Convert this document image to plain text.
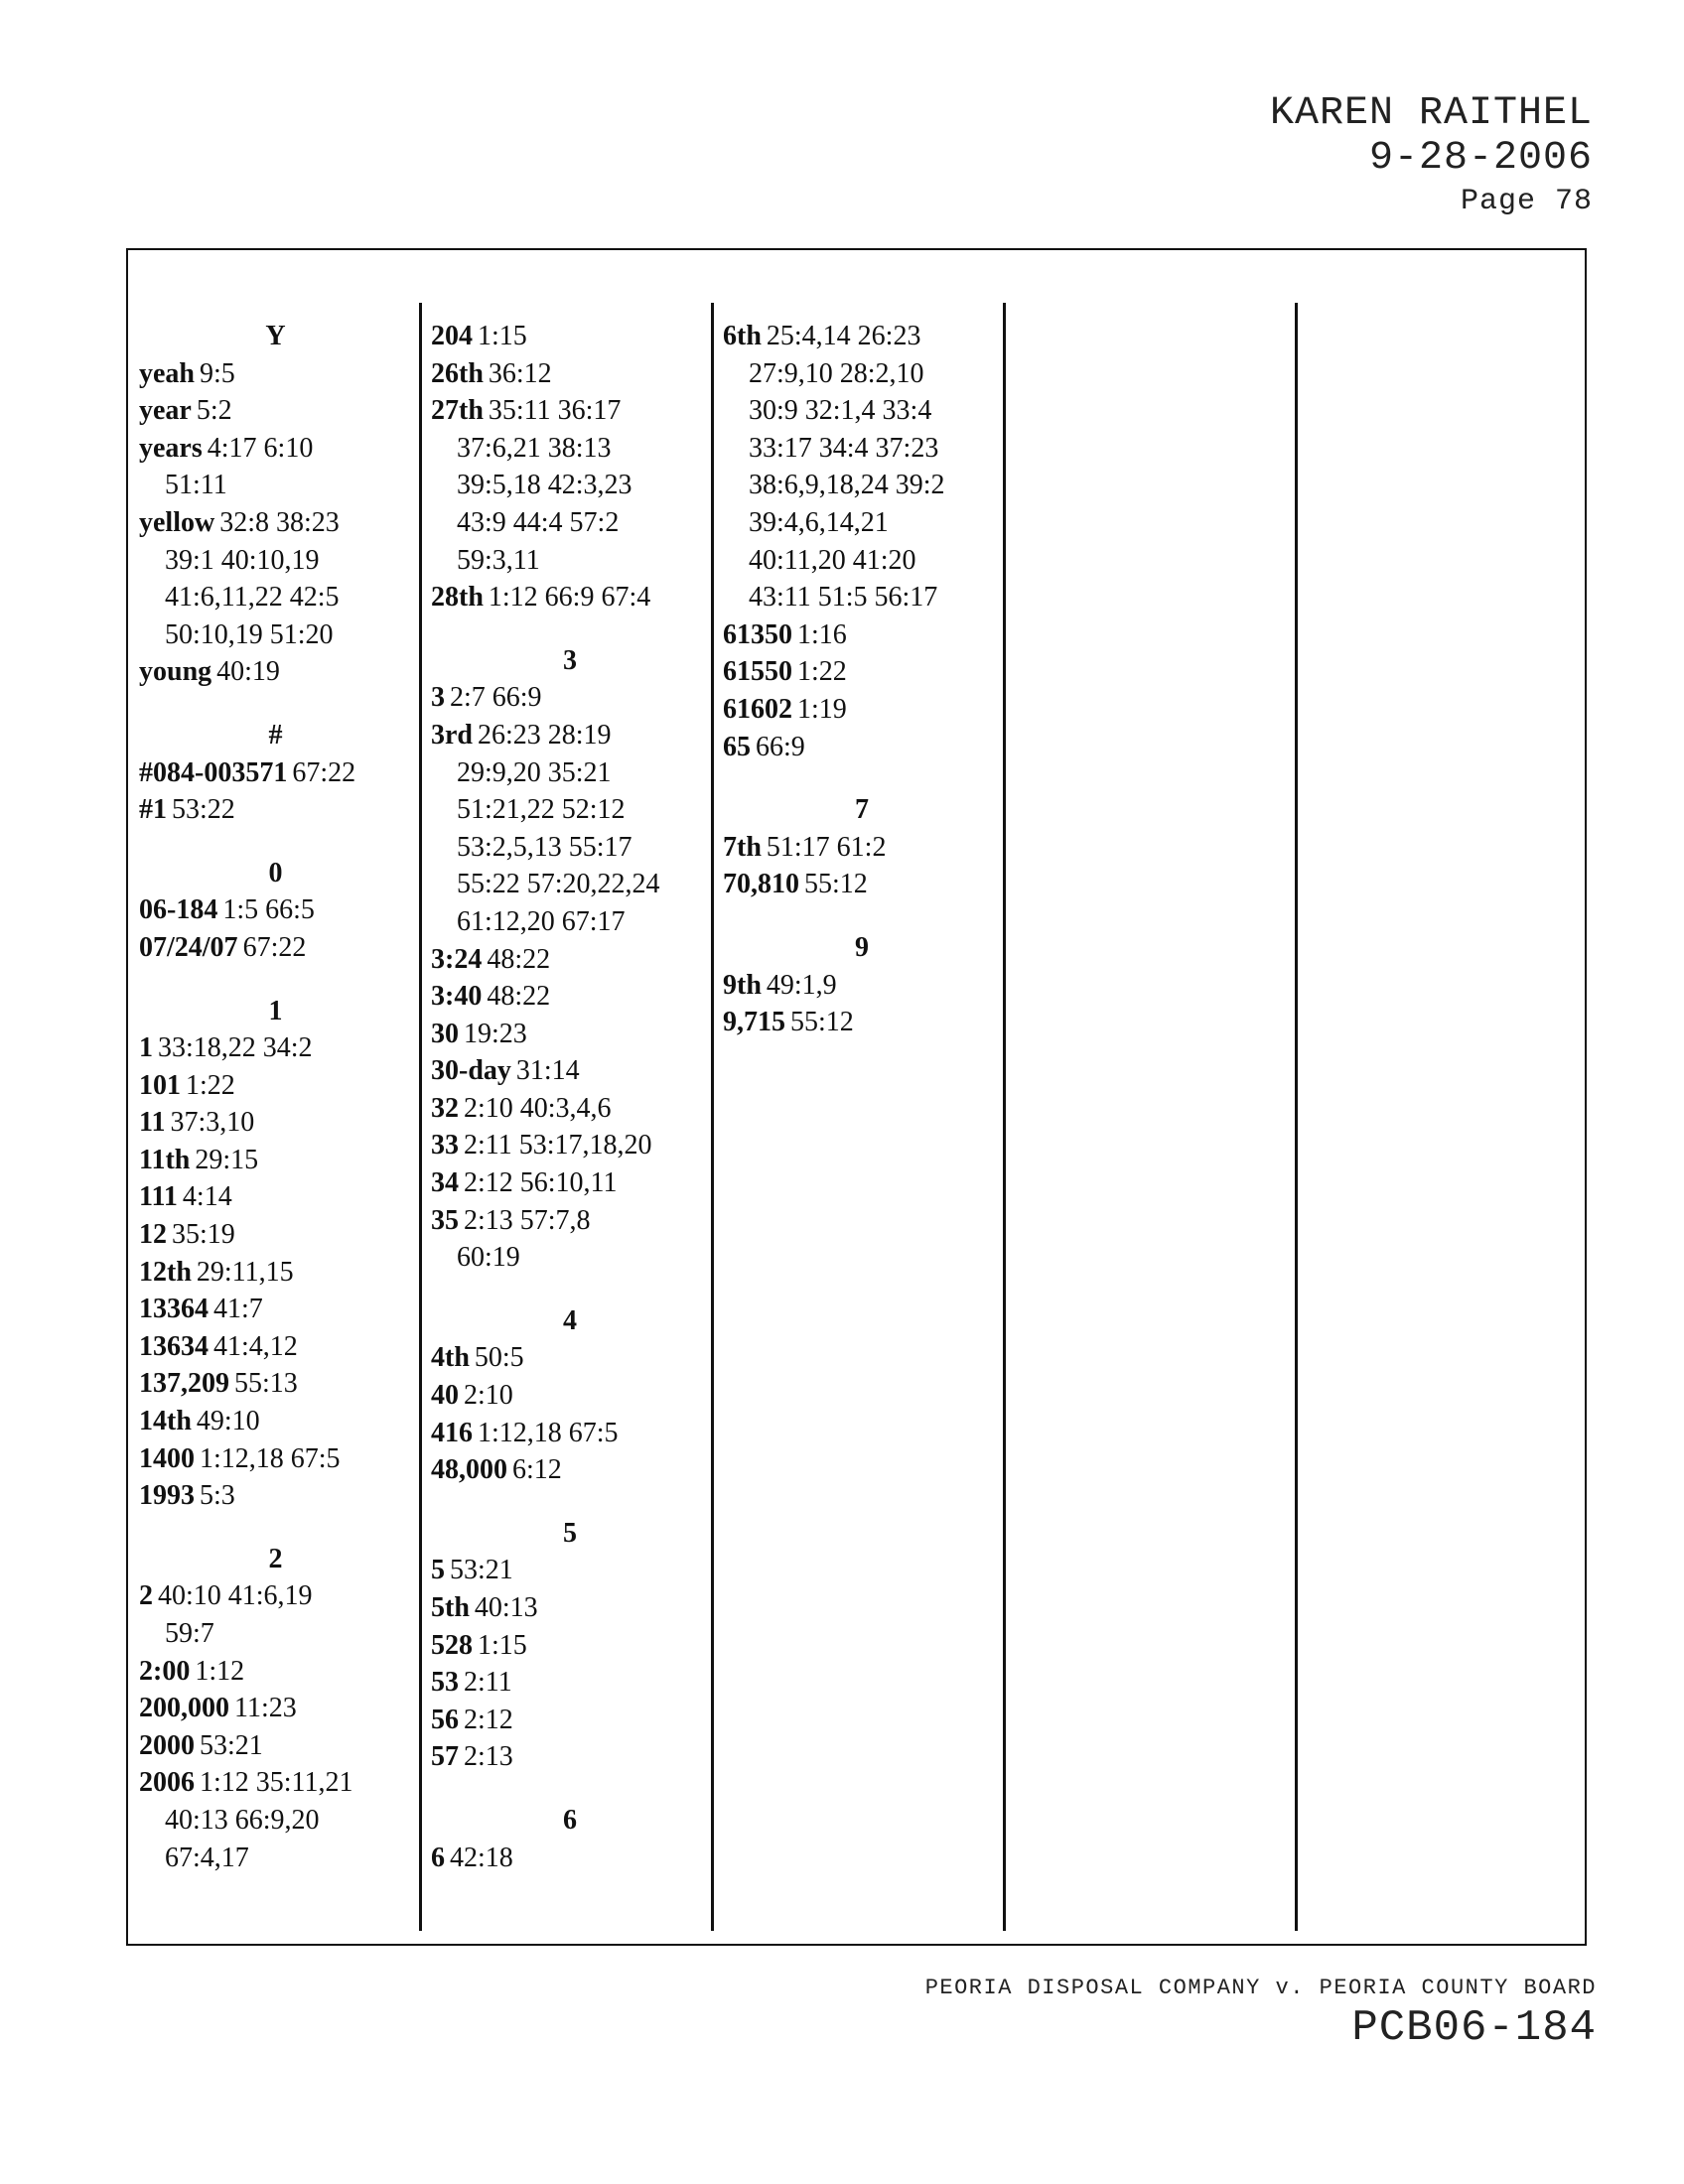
KAREN RAITHEL
9-28-2006
Page 78
Y
yeah 9:5
year 5:2
years 4:17 6:10
51:11
yellow 32:8 38:23
39:1 40:10,19
41:6,11,22 42:5
50:10,19 51:20
young 40:19
#
#084-003571 67:22
#1 53:22
0
06-184 1:5 66:5
07/24/07 67:22
1
1 33:18,22 34:2
101 1:22
11 37:3,10
11th 29:15
111 4:14
12 35:19
12th 29:11,15
13364 41:7
13634 41:4,12
137,209 55:13
14th 49:10
1400 1:12,18 67:5
1993 5:3
2
2 40:10 41:6,19
59:7
2:00 1:12
200,000 11:23
2000 53:21
2006 1:12 35:11,21
40:13 66:9,20
67:4,17
204 1:15
26th 36:12
27th 35:11 36:17
37:6,21 38:13
39:5,18 42:3,23
43:9 44:4 57:2
59:3,11
28th 1:12 66:9 67:4
3
3 2:7 66:9
3rd 26:23 28:19
29:9,20 35:21
51:21,22 52:12
53:2,5,13 55:17
55:22 57:20,22,24
61:12,20 67:17
3:24 48:22
3:40 48:22
30 19:23
30-day 31:14
32 2:10 40:3,4,6
33 2:11 53:17,18,20
34 2:12 56:10,11
35 2:13 57:7,8
60:19
4
4th 50:5
40 2:10
416 1:12,18 67:5
48,000 6:12
5
5 53:21
5th 40:13
528 1:15
53 2:11
56 2:12
57 2:13
6
6 42:18
6th 25:4,14 26:23
27:9,10 28:2,10
30:9 32:1,4 33:4
33:17 34:4 37:23
38:6,9,18,24 39:2
39:4,6,14,21
40:11,20 41:20
43:11 51:5 56:17
61350 1:16
61550 1:22
61602 1:19
65 66:9
7
7th 51:17 61:2
70,810 55:12
9
9th 49:1,9
9,715 55:12
PEORIA DISPOSAL COMPANY v. PEORIA COUNTY BOARD
PCB06-184
